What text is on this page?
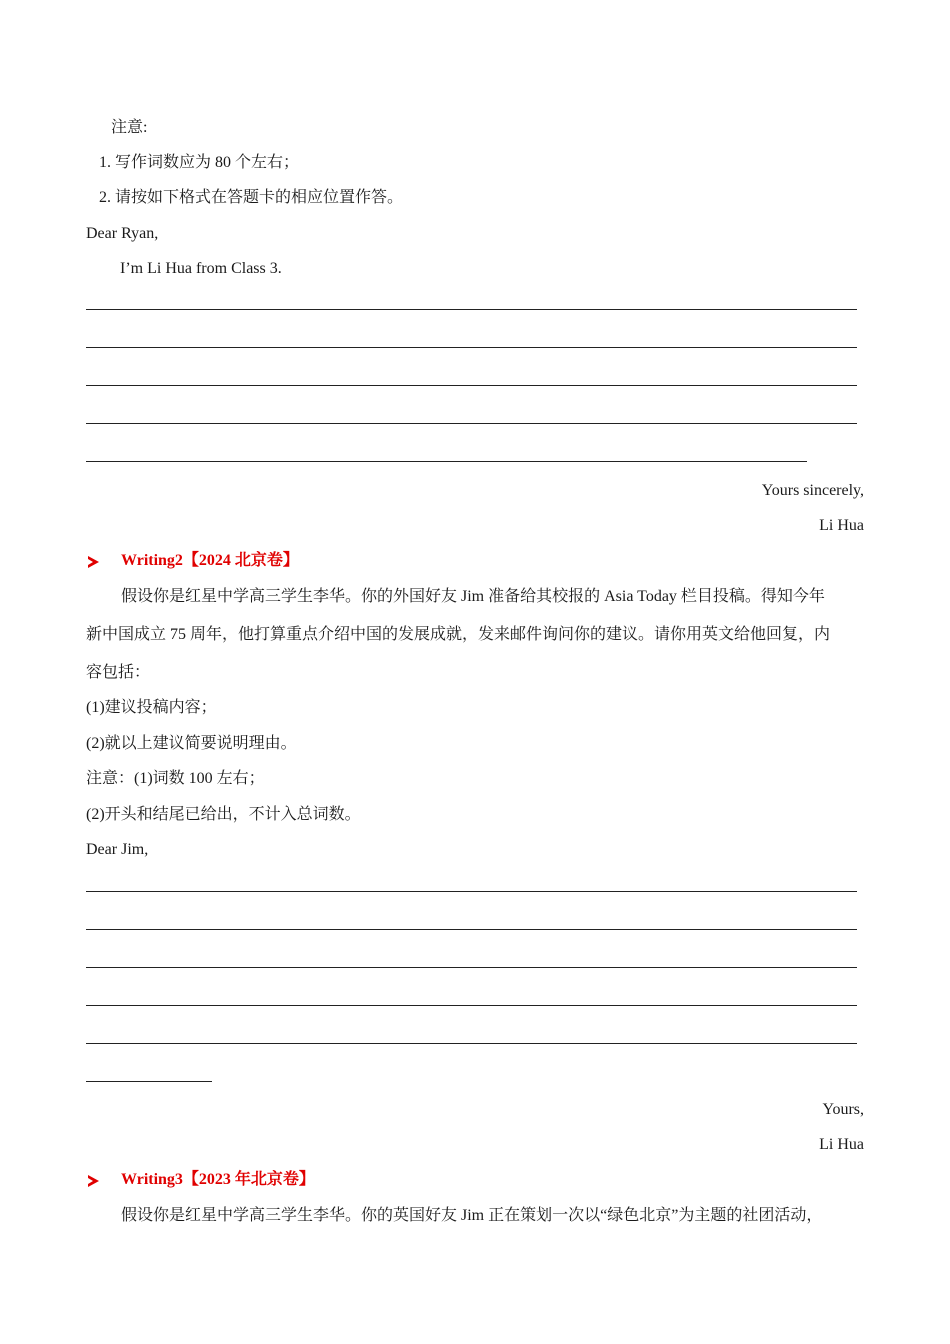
注意:
1. 写作词数应为 80 个左右；
2. 请按如下格式在答题卡的相应位置作答。
Dear Ryan,
I’m Li Hua from Class 3.
Yours sincerely,
Li Hua
Writing2【2024 北京卷】
假设你是红星中学高三学生李华。你的外国好友 Jim 准备给其校报的 Asia Today 栏目投稿。得知今年
新中国成立 75 周年，他打算重点介绍中国的发展成就，发来邮件询问你的建议。请你用英文给他回复，内
容包括：
(1)建议投稿内容；
(2)就以上建议简要说明理由。
注意：(1)词数 100 左右；
(2)开头和结尾已给出，不计入总词数。
Dear Jim,
Yours,
Li Hua
Writing3【2023 年北京卷】
假设你是红星中学高三学生李华。你的英国好友 Jim 正在策划一次以“绿色北京”为主题的社团活动，
